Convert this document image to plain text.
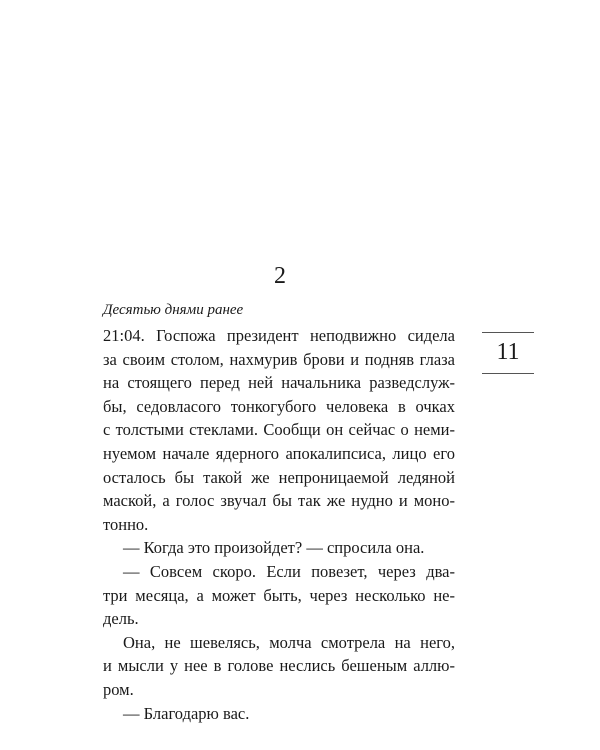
2
Десятью днями ранее
21:04. Госпожа президент неподвижно сидела
за своим столом, нахмурив брови и подняв глаза
на стоящего перед ней начальника разведслуж-
бы, седовласого тонкогубого человека в очках
с толстыми стеклами. Сообщи он сейчас о неми-
нуемом начале ядерного апокалипсиса, лицо его
осталось бы такой же непроницаемой ледяной
маской, а голос звучал бы так же нудно и моно-
тонно.
— Когда это произойдет? — спросила она.
— Совсем скоро. Если повезет, через два-
три месяца, а может быть, через несколько не-
дель.
Она, не шевелясь, молча смотрела на него,
и мысли у нее в голове неслись бешеным аллю-
ром.
— Благодарю вас.
11
